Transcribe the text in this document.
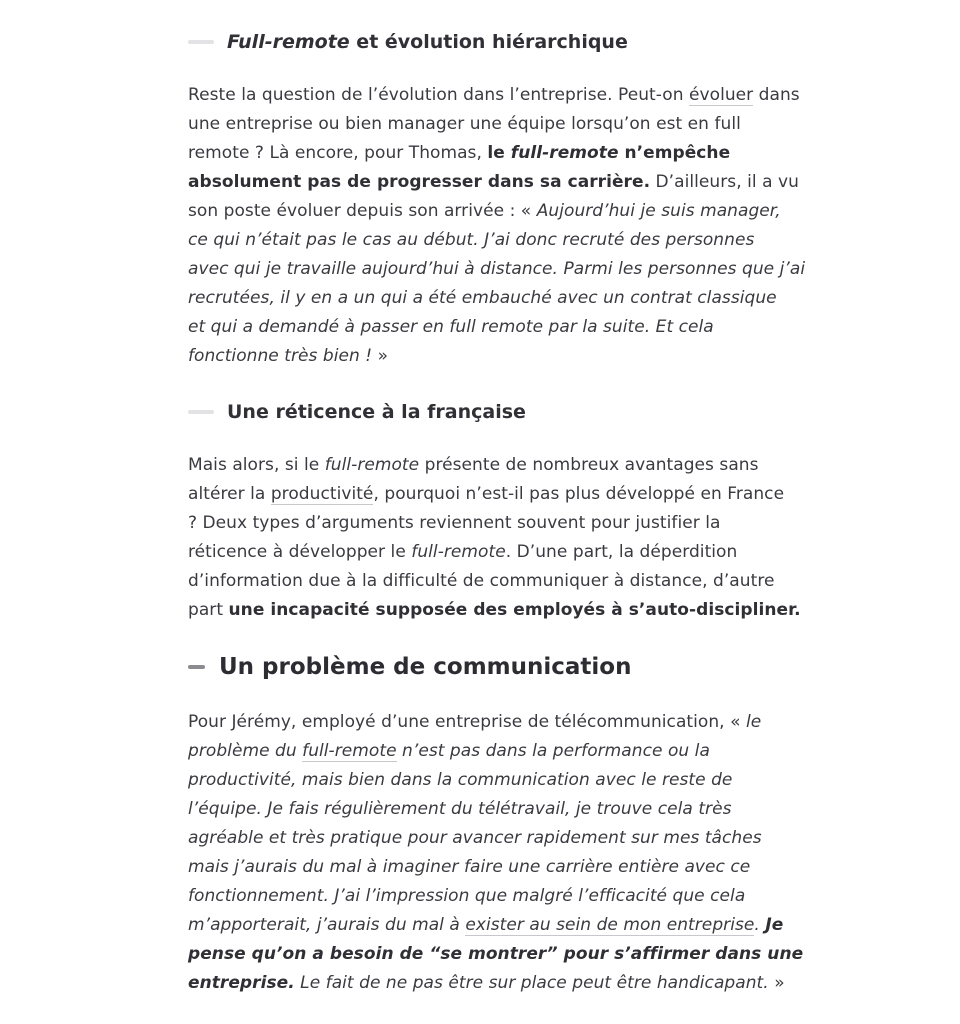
Full-remote et évolution hiérarchique
Reste la question de l’évolution dans l’entreprise. Peut-on évoluer dans
une entreprise ou bien manager une équipe lorsqu’on est en full
remote ? Là encore, pour Thomas, le full-remote n’empêche
absolument pas de progresser dans sa carrière. D’ailleurs, il a vu
son poste évoluer depuis son arrivée : « Aujourd’hui je suis manager,
ce qui n’était pas le cas au début. J’ai donc recruté des personnes
avec qui je travaille aujourd’hui à distance. Parmi les personnes que j’ai
recrutées, il y en a un qui a été embauché avec un contrat classique
et qui a demandé à passer en full remote par la suite. Et cela
fonctionne très bien ! »
Une réticence à la française
Mais alors, si le full-remote présente de nombreux avantages sans
altérer la productivité, pourquoi n’est-il pas plus développé en France
? Deux types d’arguments reviennent souvent pour justifier la
réticence à développer le full-remote. D’une part, la déperdition
d’information due à la difficulté de communiquer à distance, d’autre
part une incapacité supposée des employés à s’auto-discipliner.
Un problème de communication
Pour Jérémy, employé d’une entreprise de télécommunication, « le
problème du full-remote n’est pas dans la performance ou la
productivité, mais bien dans la communication avec le reste de
l’équipe. Je fais régulièrement du télétravail, je trouve cela très
agréable et très pratique pour avancer rapidement sur mes tâches
mais j’aurais du mal à imaginer faire une carrière entière avec ce
fonctionnement. J’ai l’impression que malgré l’efficacité que cela
m’apporterait, j’aurais du mal à exister au sein de mon entreprise. Je
pense qu’on a besoin de “se montrer” pour s’affirmer dans une
entreprise. Le fait de ne pas être sur place peut être handicapant. »
